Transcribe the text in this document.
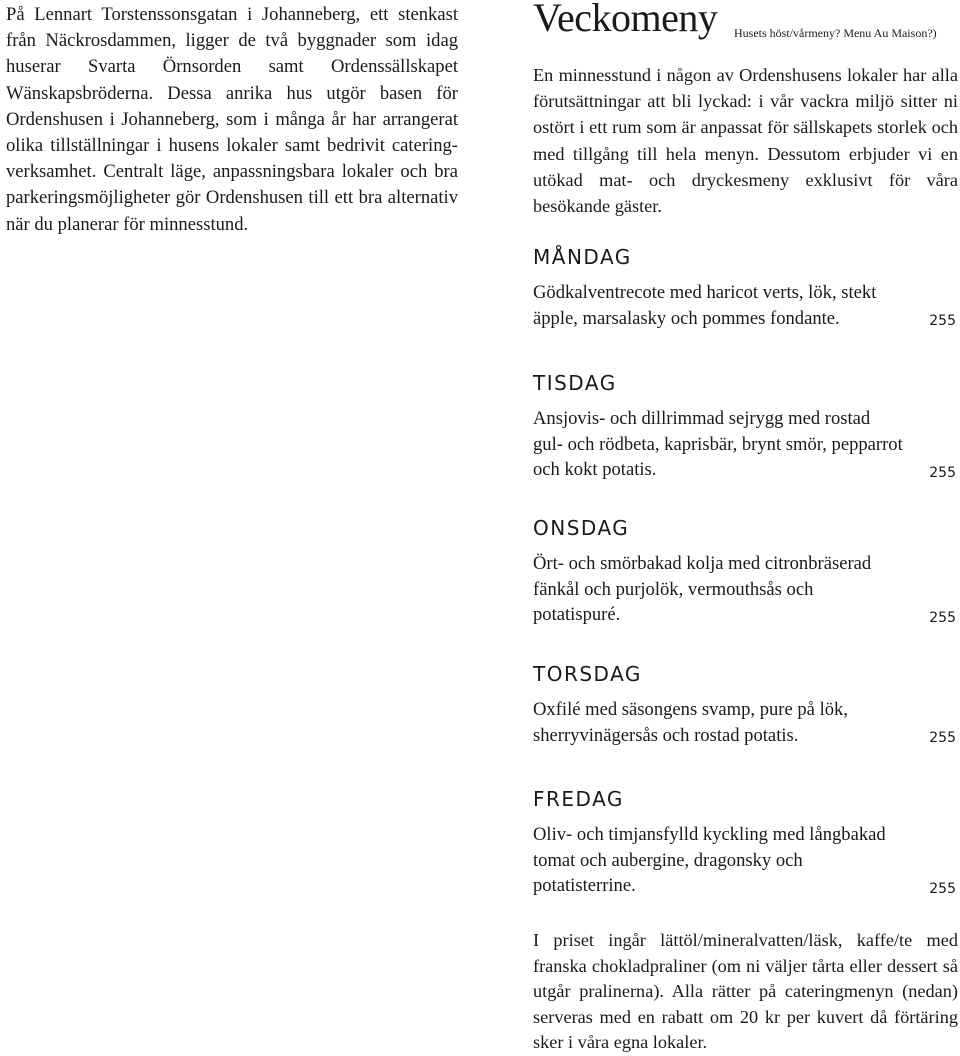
På Lennart Torstenssonsgatan i Johanneberg, ett stenkast från Näckrosdammen, ligger de två byggnader som idag huserar Svarta Örnsorden samt Ordenssällskapet Wänskapsbröderna. Dessa anrika hus utgör basen för Ordenshusen i Johanneberg, som i många år har arrangerat olika tillställningar i husens lokaler samt bedrivit catering-verksamhet. Centralt läge, anpassningsbara lokaler och bra parkeringsmöjligheter gör Ordenshusen till ett bra alternativ när du planerar för minnesstund.

Veckomeny Husets höst/vårmeny? Menu Au Maison?)

En minnesstund i någon av Ordenshusens lokaler har alla förutsättningar att bli lyckad: i vår vackra miljö sitter ni ostört i ett rum som är anpassat för sällskapets storlek och med tillgång till hela menyn. Dessutom erbjuder vi en utökad mat- och dryckesmeny exklusivt för våra besökande gäster.

MÅNDAG

Gödkalventrecote med haricot verts, lök, stekt äpple, marsalasky och pommes fondante.	255
TISDAG

Ansjovis- och dillrimmad sejrygg med rostad gul- och rödbeta, kaprisbär, brynt smör, pepparrot och kokt potatis.	255
ONSDAG

Ört- och smörbakad kolja med citronbräserad fänkål och purjolök, vermouthsås och potatispuré.	255
TORSDAG

Oxfilé med säsongens svamp, pure på lök, sherryvinägersås och rostad potatis.	255
FREDAG

Oliv- och timjansfylld kyckling med långbakad tomat och aubergine, dragonsky och potatisterrine.	255

I priset ingår lättöl/mineralvatten/läsk, kaffe/te med franska chokladpraliner (om ni väljer tårta eller dessert så utgår pralinerna). Alla rätter på cateringmenyn (nedan) serveras med en rabatt om 20 kr per kuvert då förtäring sker i våra egna lokaler.
